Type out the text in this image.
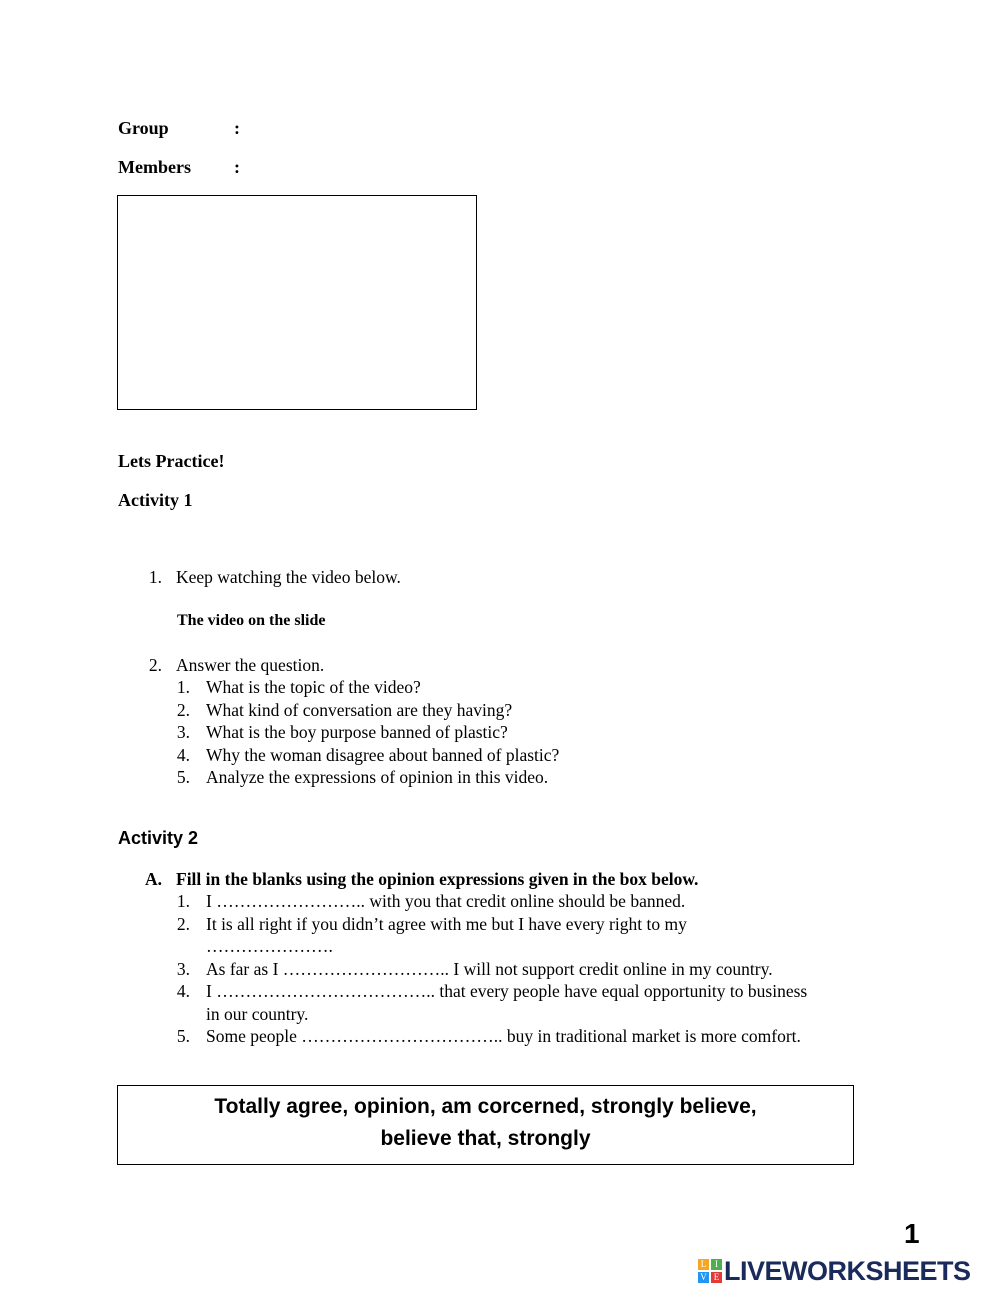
Group	:
Members :
Lets Practice!
Activity 1
1. Keep watching the video below.
The video on the slide
2. Answer the question.
1. What is the topic of the video?
2. What kind of conversation are they having?
3. What is the boy purpose banned of plastic?
4. Why the woman disagree about banned of plastic?
5. Analyze the expressions of opinion in this video.
Activity 2
A. Fill in the blanks using the opinion expressions given in the box below.
1. I …………………….. with you that credit online should be banned.
2. It is all right if you didn’t agree with me but I have every right to my
………………….
3. As far as I ……………………….. I will not support credit online in my country.
4. I ……………………………….. that every people have equal opportunity to business
in our country.
5. Some people …………………………….. buy in traditional market is more comfort.
Totally agree, opinion, am corcerned, strongly believe,
believe that, strongly
1
L I
V E LIVEWORKSHEETS
